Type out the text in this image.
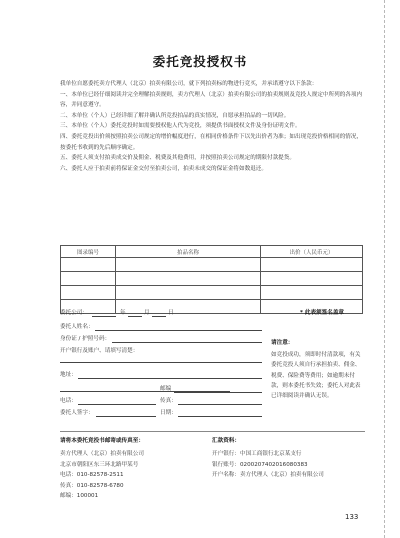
委托竞投授权书

我单位自愿委托卖方代理人（北京）拍卖有限公司，就下列拍卖标的物进行竞买，并承诺遵守以下条款：

一、本单位已经仔细阅读并完全理解拍卖规则，卖方代理人（北京）拍卖有限公司的拍卖规则及竞投人规定中所列的各项内容，并同意遵守。

二、本单位（个人）已经详细了解并确认所竞投拍品的真实情况，自愿承担拍品的一切风险。

三、本单位（个人）委托竞投时如需要授权他人代为竞投，须提供书面授权文件及身份证明文件。

四、委托竞投出价须按照拍卖公司规定的增价幅度进行，在相同价格条件下以先出价者为准；如出现竞投价格相同的情况，按委托书收到的先后顺序确定。

五、委托人须支付拍卖成交价及佣金、税费及其他费用，并按照拍卖公司规定的期限付款提货。

六、委托人应于拍卖前将保证金交付至拍卖公司，拍卖未成交的保证金将如数退还。

图录编号	拍品名称	出价（人民币元）

委托公司：	年	月	日	* 此表须签名盖章
委托人姓名：
身份证 / 护照号码：
开户银行及账户、请填写清楚：
地址：
邮编
电话：	传真：
委托人签字：	日期：
请注意：
如竞投成功，须即时付清款项，有关委托竞投人须自行承担拍卖、佣金、税费、保险费等费用；如逾期未付款，则本委托书失效；委托人对此表已详细阅读并确认无误。
请将本委托竞投书邮寄或传真至：
卖方代理人（北京）拍卖有限公司
北京市朝阳区东三环北路甲某号
电话：010-82578-2511
传真：010-82578-6780
邮编：100001
汇款资料：
开户银行：中国工商银行北京某支行
银行账号：0200207402016080383
开户名称：卖方代理人（北京）拍卖有限公司
133
